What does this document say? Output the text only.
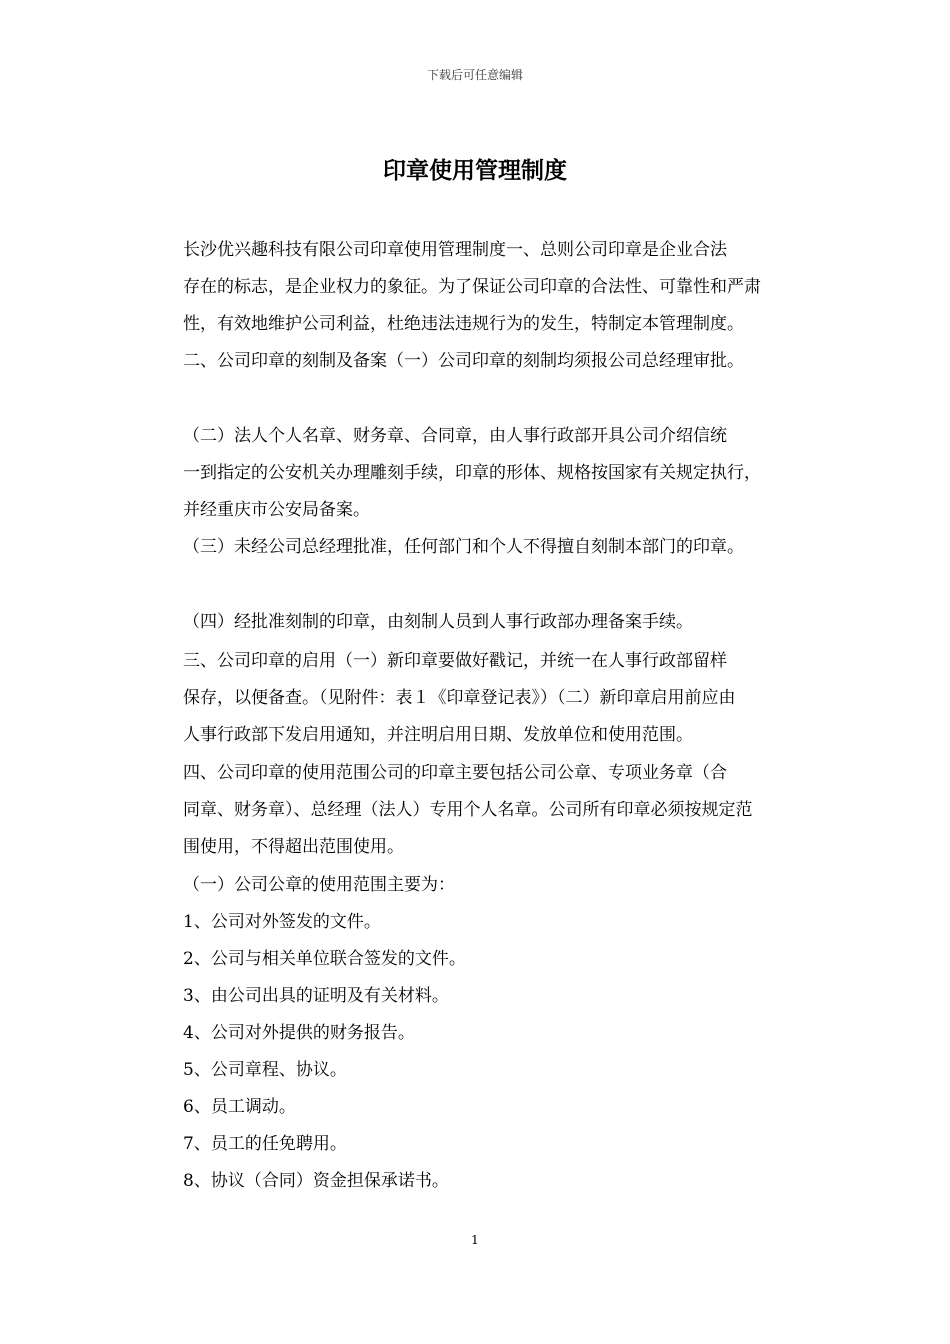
下载后可任意编辑
印章使用管理制度

长沙优兴趣科技有限公司印章使用管理制度一、总则公司印章是企业合法
存在的标志，是企业权力的象征。为了保证公司印章的合法性、可靠性和严肃
性，有效地维护公司利益，杜绝违法违规行为的发生，特制定本管理制度。

二、公司印章的刻制及备案（一）公司印章的刻制均须报公司总经理审批。

（二）法人个人名章、财务章、合同章，由人事行政部开具公司介绍信统
一到指定的公安机关办理雕刻手续，印章的形体、规格按国家有关规定执行，
并经重庆市公安局备案。

（三）未经公司总经理批准，任何部门和个人不得擅自刻制本部门的印章。

（四）经批准刻制的印章，由刻制人员到人事行政部办理备案手续。

三、公司印章的启用（一）新印章要做好戳记，并统一在人事行政部留样
保存，以便备查。（见附件：表１《印章登记表》）（二）新印章启用前应由
人事行政部下发启用通知，并注明启用日期、发放单位和使用范围。

四、公司印章的使用范围公司的印章主要包括公司公章、专项业务章（合
同章、财务章）、总经理（法人）专用个人名章。公司所有印章必须按规定范
围使用，不得超出范围使用。

（一）公司公章的使用范围主要为：

1、公司对外签发的文件。

2、公司与相关单位联合签发的文件。

3、由公司出具的证明及有关材料。

4、公司对外提供的财务报告。

5、公司章程、协议。

6、员工调动。

7、员工的任免聘用。

8、协议（合同）资金担保承诺书。

1
